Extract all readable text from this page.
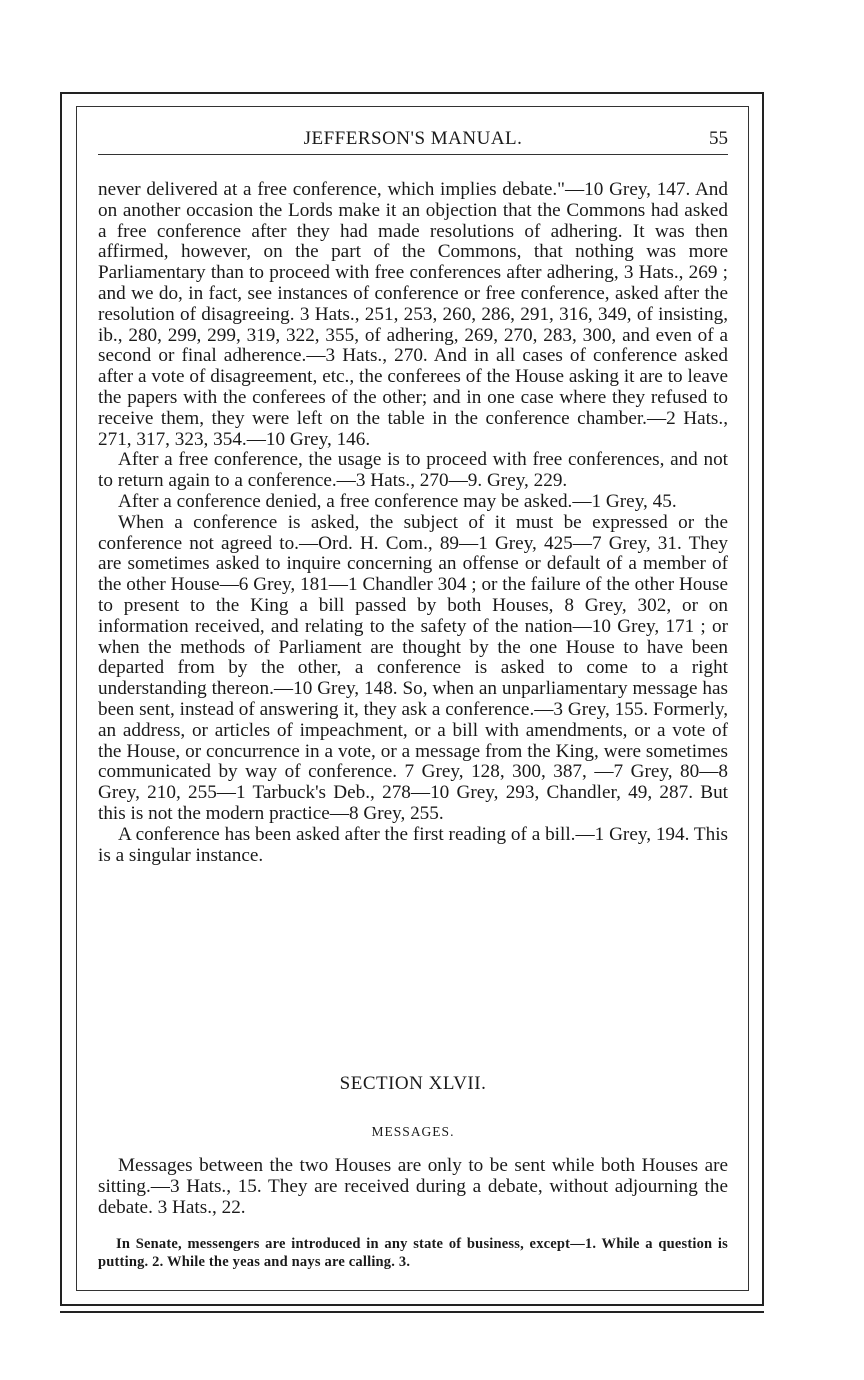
JEFFERSON'S MANUAL.	55

never delivered at a free conference, which implies debate."—10 Grey, 147. And on another occasion the Lords make it an objection that the Commons had asked a free conference after they had made resolutions of adhering. It was then affirmed, however, on the part of the Commons, that nothing was more Parliamentary than to proceed with free conferences after adhering, 3 Hats., 269 ; and we do, in fact, see instances of conference or free conference, asked after the resolution of disagreeing. 3 Hats., 251, 253, 260, 286, 291, 316, 349, of insisting, ib., 280, 299, 299, 319, 322, 355, of adhering, 269, 270, 283, 300, and even of a second or final adherence.—3 Hats., 270. And in all cases of conference asked after a vote of disagreement, etc., the conferees of the House asking it are to leave the papers with the conferees of the other; and in one case where they refused to receive them, they were left on the table in the conference chamber.—2 Hats., 271, 317, 323, 354.—10 Grey, 146.

After a free conference, the usage is to proceed with free conferences, and not to return again to a conference.—3 Hats., 270—9. Grey, 229.

After a conference denied, a free conference may be asked.—1 Grey, 45.

When a conference is asked, the subject of it must be expressed or the conference not agreed to.—Ord. H. Com., 89—1 Grey, 425—7 Grey, 31. They are sometimes asked to inquire concerning an offense or default of a member of the other House—6 Grey, 181—1 Chandler 304 ; or the failure of the other House to present to the King a bill passed by both Houses, 8 Grey, 302, or on information received, and relating to the safety of the nation—10 Grey, 171 ; or when the methods of Parliament are thought by the one House to have been departed from by the other, a conference is asked to come to a right understanding thereon.—10 Grey, 148. So, when an unparliamentary message has been sent, instead of answering it, they ask a conference.—3 Grey, 155. Formerly, an address, or articles of impeachment, or a bill with amendments, or a vote of the House, or concurrence in a vote, or a message from the King, were sometimes communicated by way of conference. 7 Grey, 128, 300, 387, —7 Grey, 80—8 Grey, 210, 255—1 Tarbuck's Deb., 278—10 Grey, 293, Chandler, 49, 287. But this is not the modern practice—8 Grey, 255.

A conference has been asked after the first reading of a bill.—1 Grey, 194. This is a singular instance.

SECTION XLVII.
MESSAGES.

Messages between the two Houses are only to be sent while both Houses are sitting.—3 Hats., 15. They are received during a debate, without adjourning the debate. 3 Hats., 22.

In Senate, messengers are introduced in any state of business, except—1. While a question is putting. 2. While the yeas and nays are calling. 3.
